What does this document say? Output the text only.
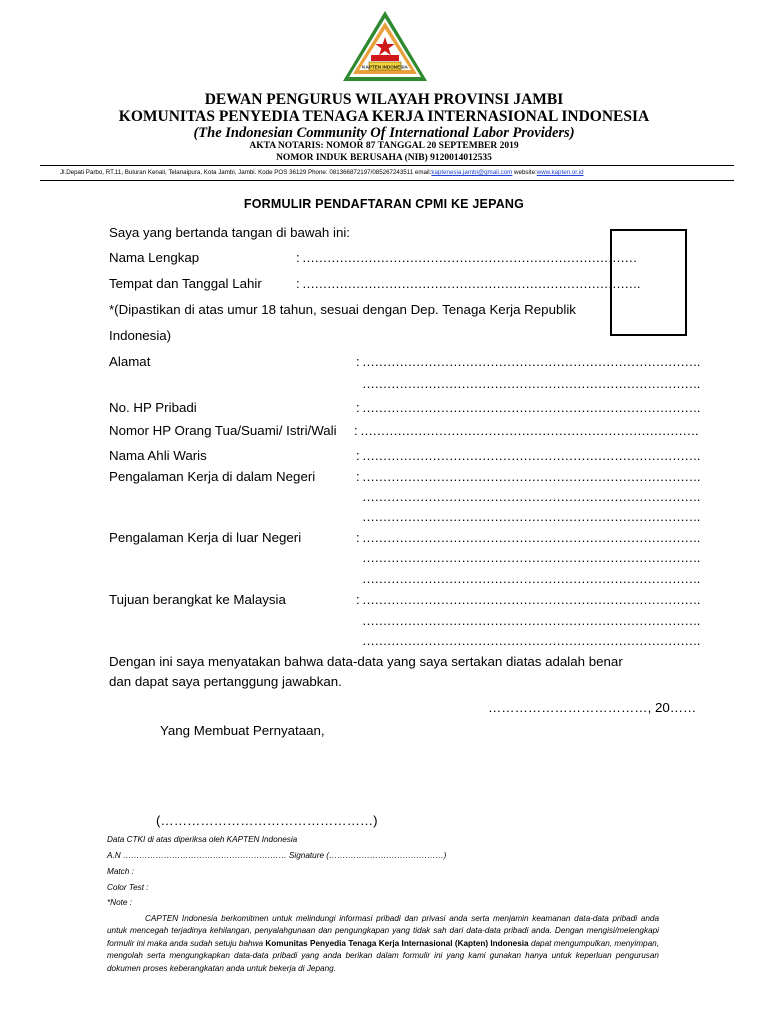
KAPTEN INDONESIA
DEWAN PENGURUS WILAYAH PROVINSI JAMBI
KOMUNITAS PENYEDIA TENAGA KERJA INTERNASIONAL INDONESIA
(The Indonesian Community Of International Labor Providers)
AKTA NOTARIS: NOMOR 87 TANGGAL 20 SEPTEMBER 2019
NOMOR INDUK BERUSAHA (NIB) 9120014012535
Jl.Depati Parbo, RT.11, Buluran Kenali, Telanaipura, Kota Jambi, Jambi. Kode POS 36129 Phone: 081366872197/085267243511 email:kaptenesia.jambi@gmail.com website:www.kapten.or.id
FORMULIR PENDAFTARAN CPMI KE JEPANG
Saya yang bertanda tangan di bawah ini:
Nama Lengkap	: ………………………………………………………………………
Tempat dan Tanggal Lahir	: ……………………………………………………………………….
*(Dipastikan di atas umur 18 tahun, sesuai dengan Dep. Tenaga Kerja Republik
Indonesia)
Alamat	: ……………………………………………………………………….
……………………………………………………………………….
No. HP Pribadi	: ……………………………………………………………………….
Nomor HP Orang Tua/Suami/ Istri/Wali : ……………………………………………………………………….
Nama Ahli Waris	: ……………………………………………………………………….
Pengalaman Kerja di dalam Negeri	: ……………………………………………………………………….
……………………………………………………………………….
……………………………………………………………………….
Pengalaman Kerja di luar Negeri	: ……………………………………………………………………….
……………………………………………………………………….
……………………………………………………………………….
Tujuan berangkat ke Malaysia	: ……………………………………………………………………….
……………………………………………………………………….
……………………………………………………………………….
Dengan ini saya menyatakan bahwa data-data yang saya sertakan diatas adalah benar
dan dapat saya pertanggung jawabkan.
………………………………, 20……
Yang Membuat Pernyataan,
(…………………………………………)
Data CTKI di atas diperiksa oleh KAPTEN Indonesia
A.N …………………………………………………… Signature (……………………………………)
Match :
Color Test :
*Note :
CAPTEN Indonesia berkomitmen untuk melindungi informasi pribadi dan privasi anda serta menjamin keamanan data-data pribadi anda untuk mencegah terjadinya kehilangan, penyalahgunaan dan pengungkapan yang tidak sah dari data-data pribadi anda. Dengan mengisi/melengkapi formulir ini maka anda sudah setuju bahwa Komunitas Penyedia Tenaga Kerja Internasional (Kapten) Indonesia dapat mengumpulkan, menyimpan, mengolah serta mengungkapkan data-data pribadi yang anda berikan dalam formulir ini yang kami gunakan hanya untuk keperluan pengurusan dokumen proses keberangkatan anda untuk bekerja di Jepang.
